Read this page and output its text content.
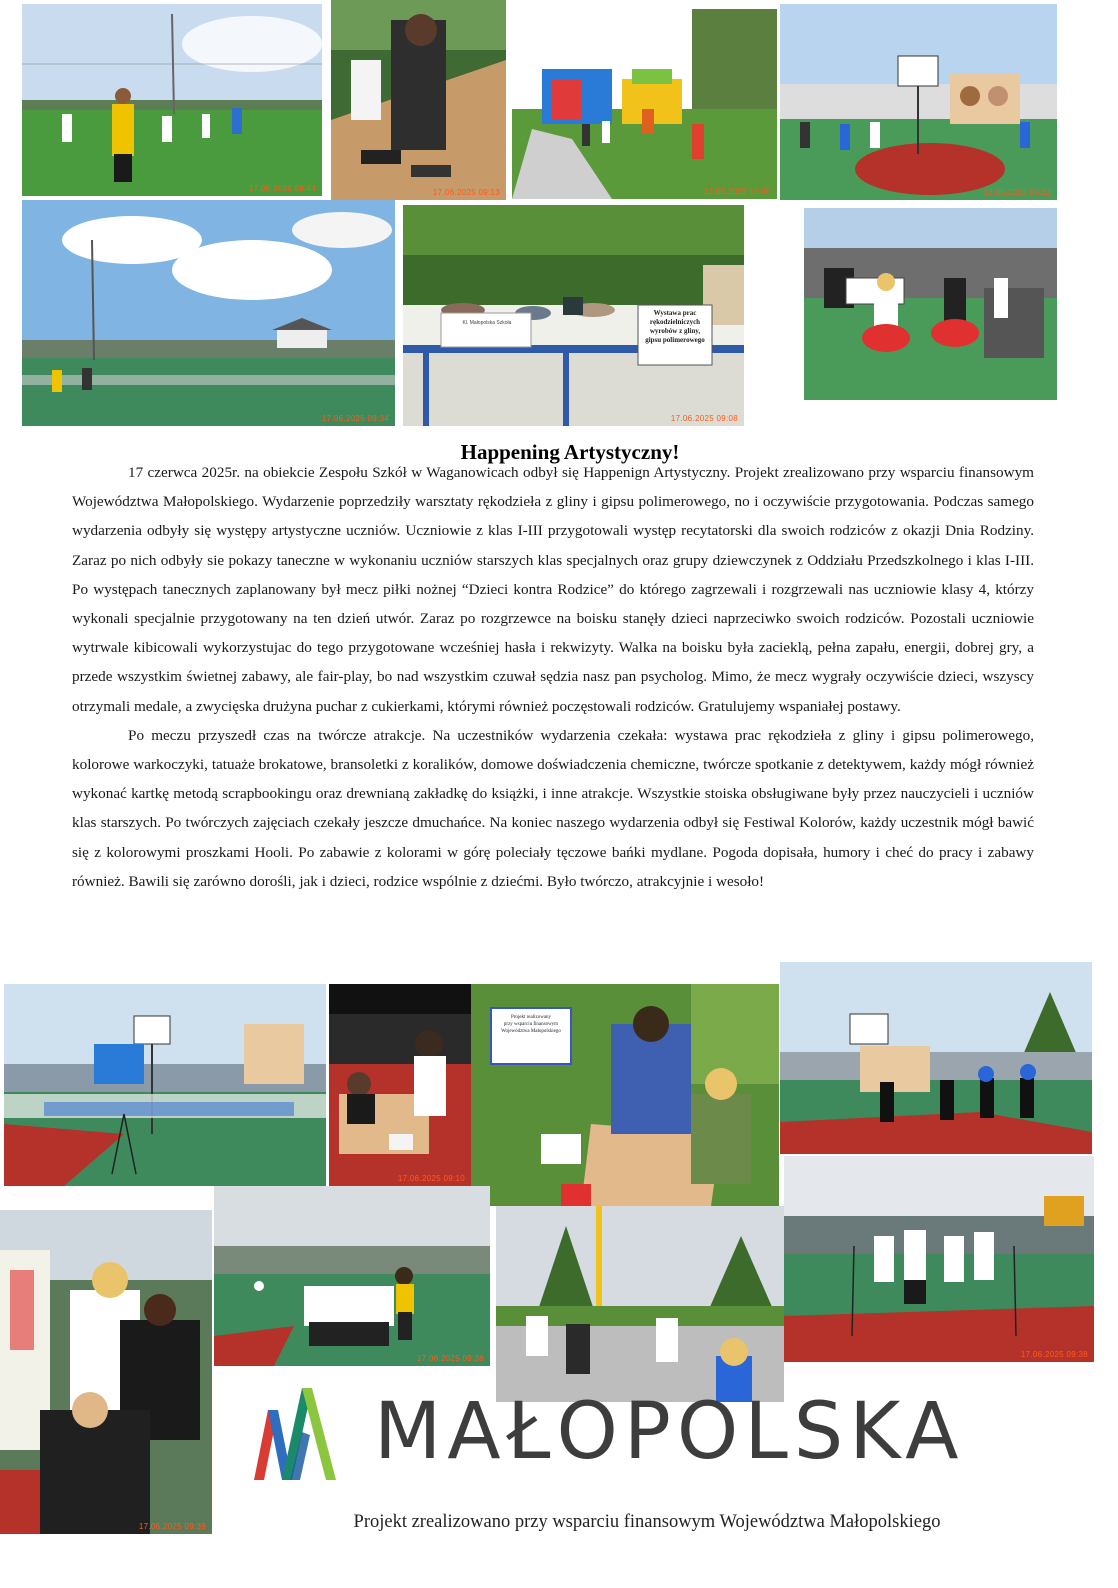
17.06.2025 09:44	17.06.2025 09:13	17.06.2025 10:40	17.06.2025 09:32
17.06.2025 09:34
Kl. Małopolska Szkoła
Wystawa prac
rękodzielniczych
wyrobów z gliny,
gipsu polimerowego
17.06.2025 09:08
Happening Artystyczny!

17 czerwca 2025r. na obiekcie Zespołu Szkół w Waganowicach odbył się Happenign Artystyczny. Projekt zrealizowano przy wsparciu finansowym Województwa Małopolskiego. Wydarzenie poprzedziły warsztaty rękodzieła z gliny i gipsu polimerowego, no i oczywiście przygotowania. Podczas samego wydarzenia odbyły się występy artystyczne uczniów. Uczniowie z klas I-III przygotowali występ recytatorski dla swoich rodziców z okazji Dnia Rodziny. Zaraz po nich odbyły sie pokazy taneczne w wykonaniu uczniów starszych klas specjalnych oraz grupy dziewczynek z Oddziału Przedszkolnego i klas I-III. Po występach tanecznych zaplanowany był mecz piłki nożnej “Dzieci kontra Rodzice” do którego zagrzewali i rozgrzewali nas uczniowie klasy 4, którzy wykonali specjalnie przygotowany na ten dzień utwór. Zaraz po rozgrzewce na boisku stanęły dzieci naprzeciwko swoich rodziców. Pozostali uczniowie wytrwale kibicowali wykorzystujac do tego przygotowane wcześniej hasła i rekwizyty. Walka na boisku była zacieklą, pełna zapału, energii, dobrej gry, a przede wszystkim świetnej zabawy, ale fair-play, bo nad wszystkim czuwał sędzia nasz pan psycholog. Mimo, że mecz wygrały oczywiście dzieci, wszyscy otrzymali medale, a zwycięska drużyna puchar z cukierkami, którymi również poczęstowali rodziców. Gratulujemy wspaniałej postawy.

Po meczu przyszedł czas na twórcze atrakcje. Na uczestników wydarzenia czekała: wystawa prac rękodzieła z gliny i gipsu polimerowego, kolorowe warkoczyki, tatuaże brokatowe, bransoletki z koralików, domowe doświadczenia chemiczne, twórcze spotkanie z detektywem, każdy mógł również wykonać kartkę metodą scrapbookingu oraz drewnianą zakładkę do książki, i inne atrakcje. Wszystkie stoiska obsługiwane były przez nauczycieli i uczniów klas starszych. Po twórczych zajęciach czekały jeszcze dmuchańce. Na koniec naszego wydarzenia odbył się Festiwal Kolorów, każdy uczestnik mógł bawić się z kolorowymi proszkami Hooli. Po zabawie z kolorami w górę poleciały tęczowe bańki mydlane. Pogoda dopisała, humory i cheć do pracy i zabawy również. Bawili się zarówno dorośli, jak i dzieci, rodzice wspólnie z dziećmi. Było twórczo, atrakcyjnie i wesoło!

17.06.2025 09:10
Projekt realizowany
przy wsparciu finansowym
Województwa Małopolskiego
17.06.2025 09:39
17.06.2025 09:38	17.06.2025 09:38
MAŁOPOLSKA
Projekt zrealizowano przy wsparciu finansowym Województwa Małopolskiego
